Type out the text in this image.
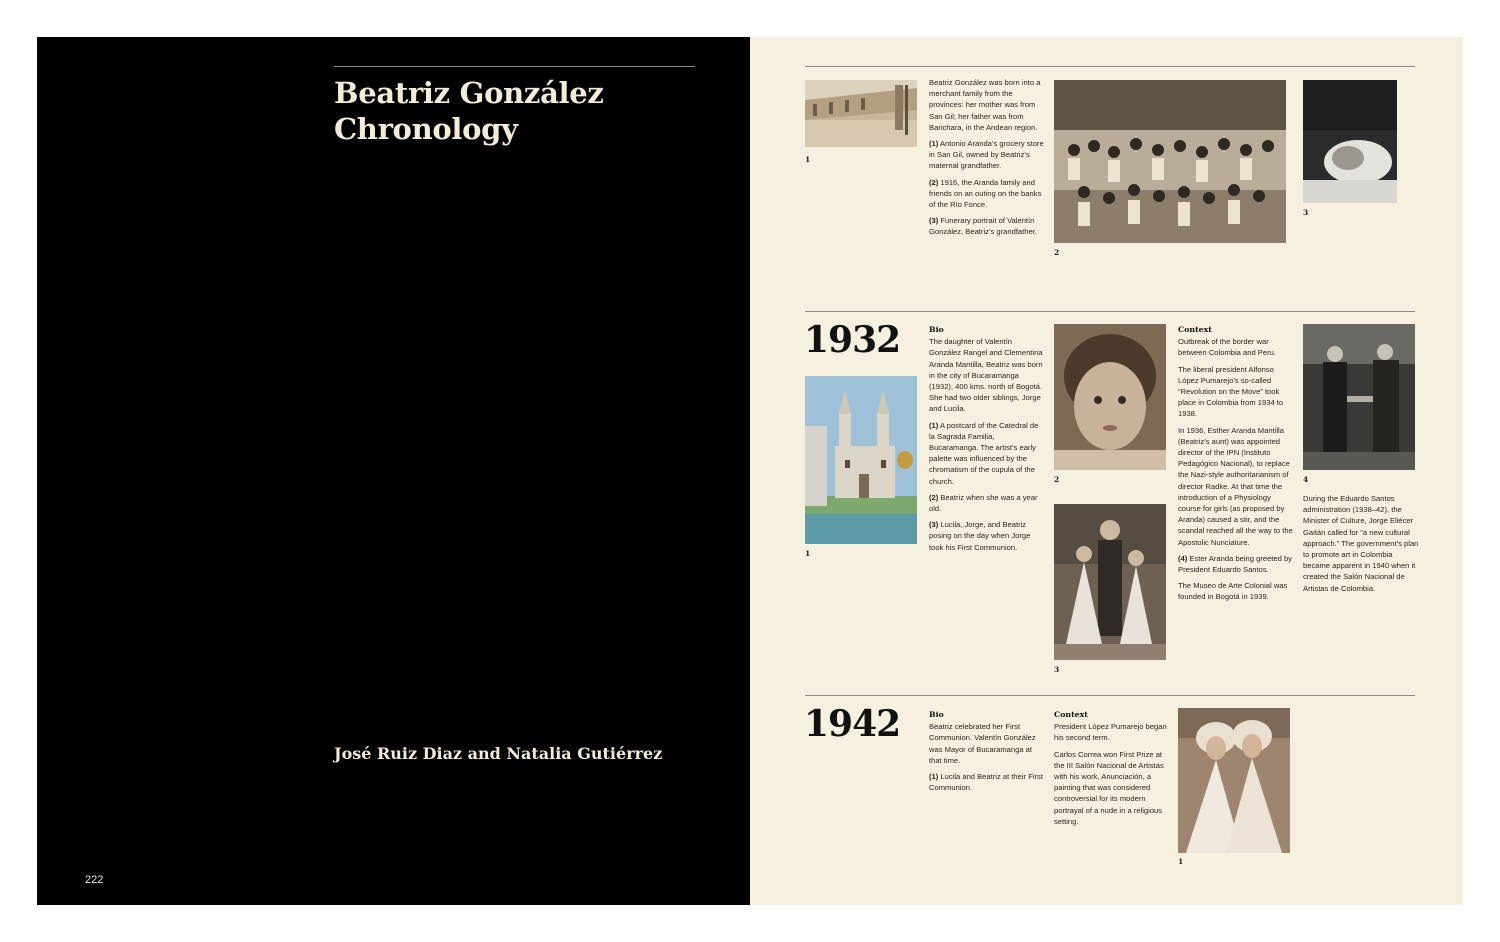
Beatriz González
Chronology

José Ruiz Diaz and Natalia Gutiérrez

222
1

Beatriz González was born into a merchant family from the provinces: her mother was from San Gil; her father was from Barichara, in the Andean region.

(1) Antonio Aranda’s grocery store in San Gil, owned by Beatriz’s maternal grandfather.

(2) 1916, the Aranda family and friends on an outing on the banks of the Río Fonce.

(3) Funerary portrait of Valentín González, Beatriz’s grandfather.

2
3
1932
1
Bio

The daughter of Valentín González Rangel and Clementina Aranda Mantilla, Beatriz was born in the city of Bucaramanga (1932), 400 kms. north of Bogotá. She had two older siblings, Jorge and Lucila.

(1) A postcard of the Catedral de la Sagrada Familia, Bucaramanga. The artist’s early palette was influenced by the chromatism of the cupula of the church.

(2) Beatriz when she was a year old.

(3) Lucila, Jorge, and Beatriz posing on the day when Jorge took his First Communion.

2
3
Context

Outbreak of the border war between Colombia and Peru.

The liberal president Alfonso López Pumarejo’s so-called “Revolution on the Move” took place in Colombia from 1934 to 1938.

In 1936, Esther Aranda Mantilla (Beatriz’s aunt) was appointed director of the IPN (Instituto Pedagógico Nacional), to replace the Nazi-style authoritarianism of director Radke. At that time the introduction of a Physiology course for girls (as proposed by Aranda) caused a stir, and the scandal reached all the way to the Apostolic Nunciature.

(4) Ester Aranda being greeted by President Eduardo Santos.

The Museo de Arte Colonial was founded in Bogotá in 1939.

4

During the Eduardo Santos administration (1938–42), the Minister of Culture, Jorge Eliécer Gaitán called for “a new cultural approach.” The government’s plan to promote art in Colombia became apparent in 1940 when it created the Salón Nacional de Artistas de Colombia.

1942	Bio

Beatriz celebrated her First Communion. Valentín González was Mayor of Bucaramanga at that time.

(1) Lucila and Beatriz at their First Communion.

Context

President López Pumarejo began his second term.

Carlos Correa won First Prize at the III Salón Nacional de Artistas with his work, Anunciación, a painting that was considered controversial for its modern portrayal of a nude in a religious setting.

1
